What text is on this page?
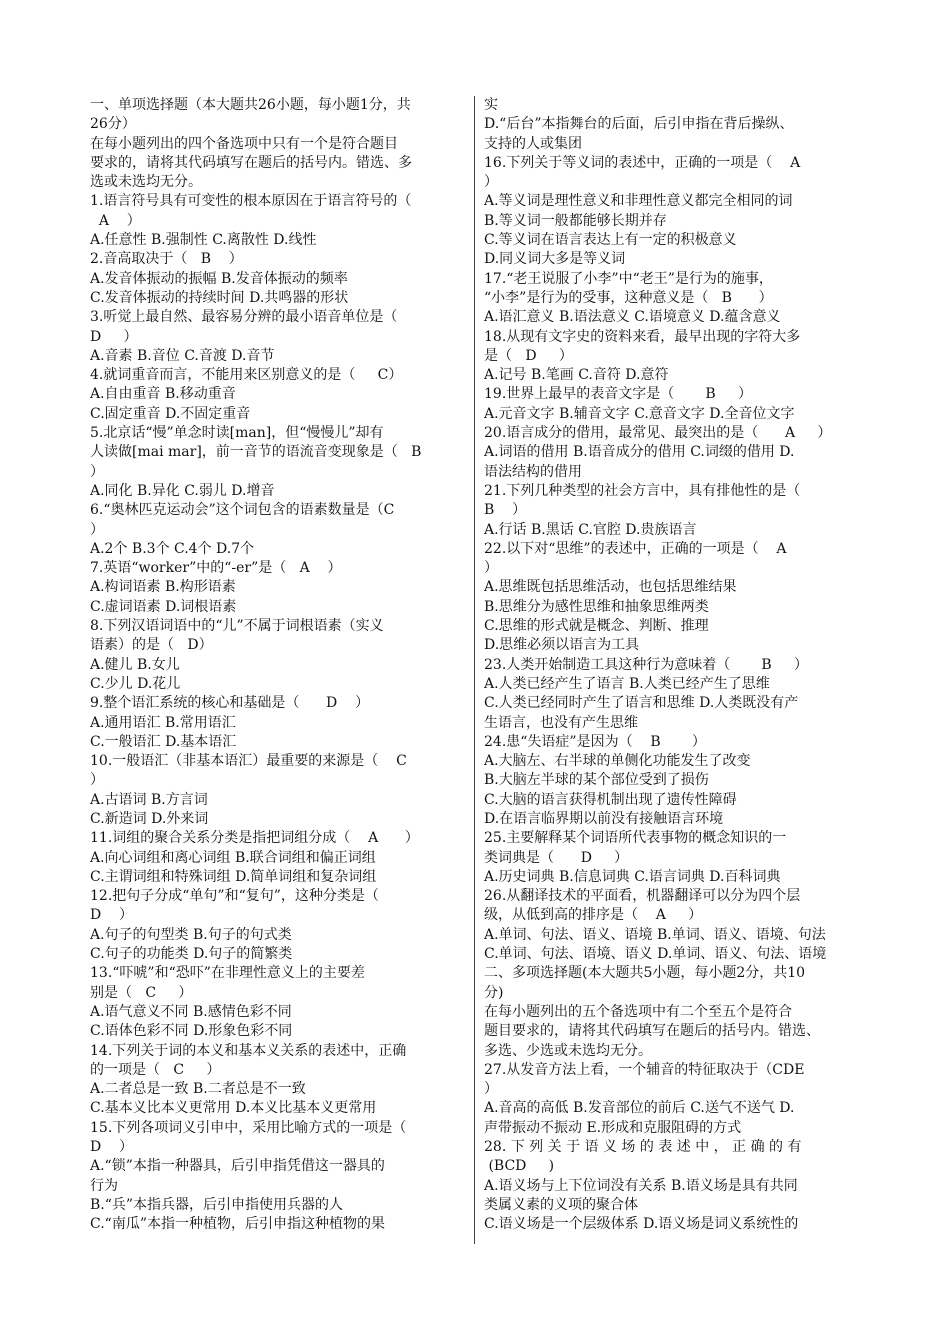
一、单项选择题（本大题共26小题，每小题1分，共
26分）
在每小题列出的四个备选项中只有一个是符合题目
要求的，请将其代码填写在题后的括号内。错选、多
选或未选均无分。
1.语言符号具有可变性的根本原因在于语言符号的（
A    ）
A.任意性 B.强制性 C.离散性 D.线性
2.音高取决于（   B    ）
A.发音体振动的振幅 B.发音体振动的频率
C.发音体振动的持续时间 D.共鸣器的形状
3.听觉上最自然、最容易分辨的最小语音单位是（
D     ）
A.音素 B.音位 C.音渡 D.音节
4.就词重音而言，不能用来区别意义的是（     C）
A.自由重音 B.移动重音
C.固定重音 D.不固定重音
5.北京话“慢”单念时读[man]，但“慢慢儿”却有
人读做[mai mar]，前一音节的语流音变现象是（   B
）
A.同化 B.异化 C.弱儿 D.增音
6.“奥林匹克运动会”这个词包含的语素数量是（C
）
A.2个 B.3个 C.4个 D.7个
7.英语“worker”中的“-er”是（   A    ）
A.构词语素 B.构形语素
C.虚词语素 D.词根语素
8.下列汉语词语中的“儿”不属于词根语素（实义
语素）的是（   D）
A.健儿 B.女儿
C.少儿 D.花儿
9.整个语汇系统的核心和基础是（      D    ）
A.通用语汇 B.常用语汇
C.一般语汇 D.基本语汇
10.一般语汇（非基本语汇）最重要的来源是（    C
）
A.古语词 B.方言词
C.新造词 D.外来词
11.词组的聚合关系分类是指把词组分成（    A      ）
A.向心词组和离心词组 B.联合词组和偏正词组
C.主谓词组和特殊词组 D.简单词组和复杂词组
12.把句子分成“单句”和“复句”，这种分类是（
D    ）
A.句子的句型类 B.句子的句式类
C.句子的功能类 D.句子的简繁类
13.“吓唬”和“恐吓”在非理性意义上的主要差
别是（   C     ）
A.语气意义不同 B.感情色彩不同
C.语体色彩不同 D.形象色彩不同
14.下列关于词的本义和基本义关系的表述中，正确
的一项是（   C     ）
A.二者总是一致 B.二者总是不一致
C.基本义比本义更常用 D.本义比基本义更常用
15.下列各项词义引申中，采用比喻方式的一项是（
D    ）
A.“锁”本指一种器具，后引申指凭借这一器具的
行为
B.“兵”本指兵器，后引申指使用兵器的人
C.“南瓜”本指一种植物，后引申指这种植物的果
实
D.“后台”本指舞台的后面，后引申指在背后操纵、
支持的人或集团
16.下列关于等义词的表述中，正确的一项是（    A
）
A.等义词是理性意义和非理性意义都完全相同的词
B.等义词一般都能够长期并存
C.等义词在语言表达上有一定的积极意义
D.同义词大多是等义词
17.“老王说服了小李”中“老王”是行为的施事，
“小李”是行为的受事，这种意义是（   B      ）
A.语汇意义 B.语法意义 C.语境意义 D.蕴含意义
18.从现有文字史的资料来看，最早出现的字符大多
是（   D     ）
A.记号 B.笔画 C.音符 D.意符
19.世界上最早的表音文字是（       B     ）
A.元音文字 B.辅音文字 C.意音文字 D.全音位文字
20.语言成分的借用，最常见、最突出的是（      A     ）
A.词语的借用 B.语音成分的借用 C.词缀的借用 D.
语法结构的借用
21.下列几种类型的社会方言中，具有排他性的是（
B    ）
A.行话 B.黑话 C.官腔 D.贵族语言
22.以下对“思维”的表述中，正确的一项是（    A
）
A.思维既包括思维活动，也包括思维结果
B.思维分为感性思维和抽象思维两类
C.思维的形式就是概念、判断、推理
D.思维必须以语言为工具
23.人类开始制造工具这种行为意味着（       B     ）
A.人类已经产生了语言 B.人类已经产生了思维
C.人类已经同时产生了语言和思维 D.人类既没有产
生语言，也没有产生思维
24.患“失语症”是因为（    B       ）
A.大脑左、右半球的单侧化功能发生了改变
B.大脑左半球的某个部位受到了损伤
C.大脑的语言获得机制出现了遗传性障碍
D.在语言临界期以前没有接触语言环境
25.主要解释某个词语所代表事物的概念知识的一
类词典是（      D     ）
A.历史词典 B.信息词典 C.语言词典 D.百科词典
26.从翻译技术的平面看，机器翻译可以分为四个层
级，从低到高的排序是（    A     ）
A.单词、句法、语义、语境 B.单词、语义、语境、句法
C.单词、句法、语境、语义 D.单词、语义、句法、语境
二、多项选择题(本大题共5小题，每小题2分，共10
分)
在每小题列出的五个备选项中有二个至五个是符合
题目要求的，请将其代码填写在题后的括号内。错选、
多选、少选或未选均无分。
27.从发音方法上看，一个辅音的特征取决于（CDE
）
A.音高的高低 B.发音部位的前后 C.送气不送气 D.
声带振动不振动 E.形成和克服阻碍的方式
28. 下 列 关 于 语 义 场 的 表 述 中 ， 正 确 的 有
(BCD     )
A.语义场与上下位词没有关系 B.语义场是具有共同
类属义素的义项的聚合体
C.语义场是一个层级体系 D.语义场是词义系统性的
